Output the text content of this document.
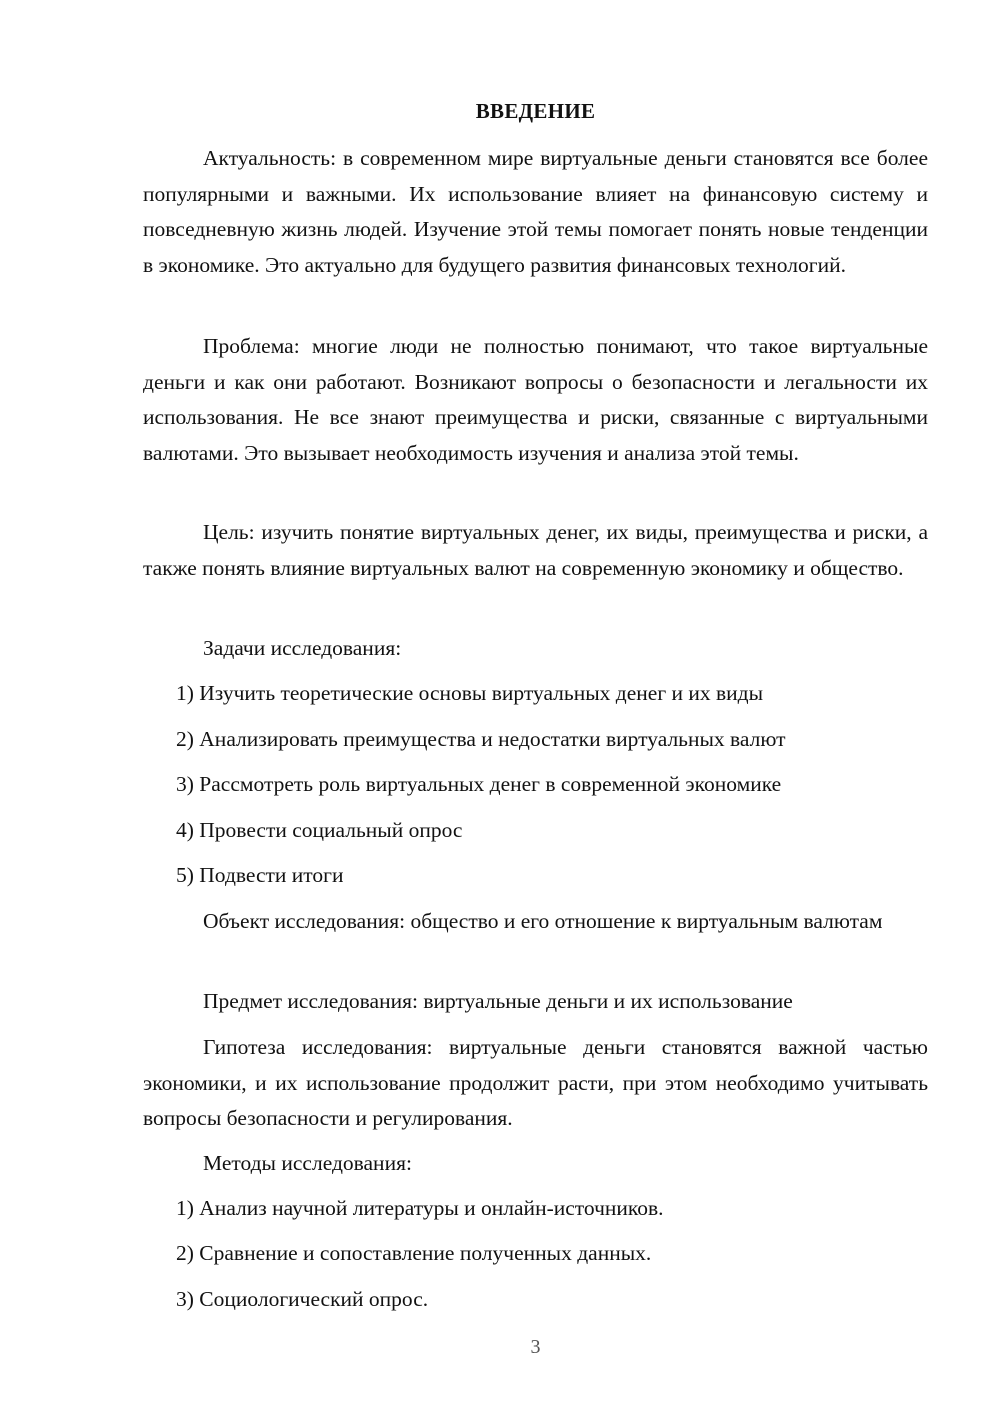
ВВЕДЕНИЕ

Актуальность: в современном мире виртуальные деньги становятся все более популярными и важными. Их использование влияет на финансовую систему и повседневную жизнь людей. Изучение этой темы помогает понять новые тенденции в экономике. Это актуально для будущего развития финансовых технологий.

Проблема: многие люди не полностью понимают, что такое виртуальные деньги и как они работают. Возникают вопросы о безопасности и легальности их использования. Не все знают преимущества и риски, связанные с виртуальными валютами. Это вызывает необходимость изучения и анализа этой темы.

Цель: изучить понятие виртуальных денег, их виды, преимущества и риски, а также понять влияние виртуальных валют на современную экономику и общество.

Задачи исследования:

1) Изучить теоретические основы виртуальных денег и их виды

2) Анализировать преимущества и недостатки виртуальных валют

3) Рассмотреть роль виртуальных денег в современной экономике

4) Провести социальный опрос

5) Подвести итоги

Объект исследования: общество и его отношение к виртуальным валютам

Предмет исследования: виртуальные деньги и их использование

Гипотеза исследования: виртуальные деньги становятся важной частью экономики, и их использование продолжит расти, при этом необходимо учитывать вопросы безопасности и регулирования.

Методы исследования:

1) Анализ научной литературы и онлайн-источников.

2) Сравнение и сопоставление полученных данных.

3) Социологический опрос.

3
